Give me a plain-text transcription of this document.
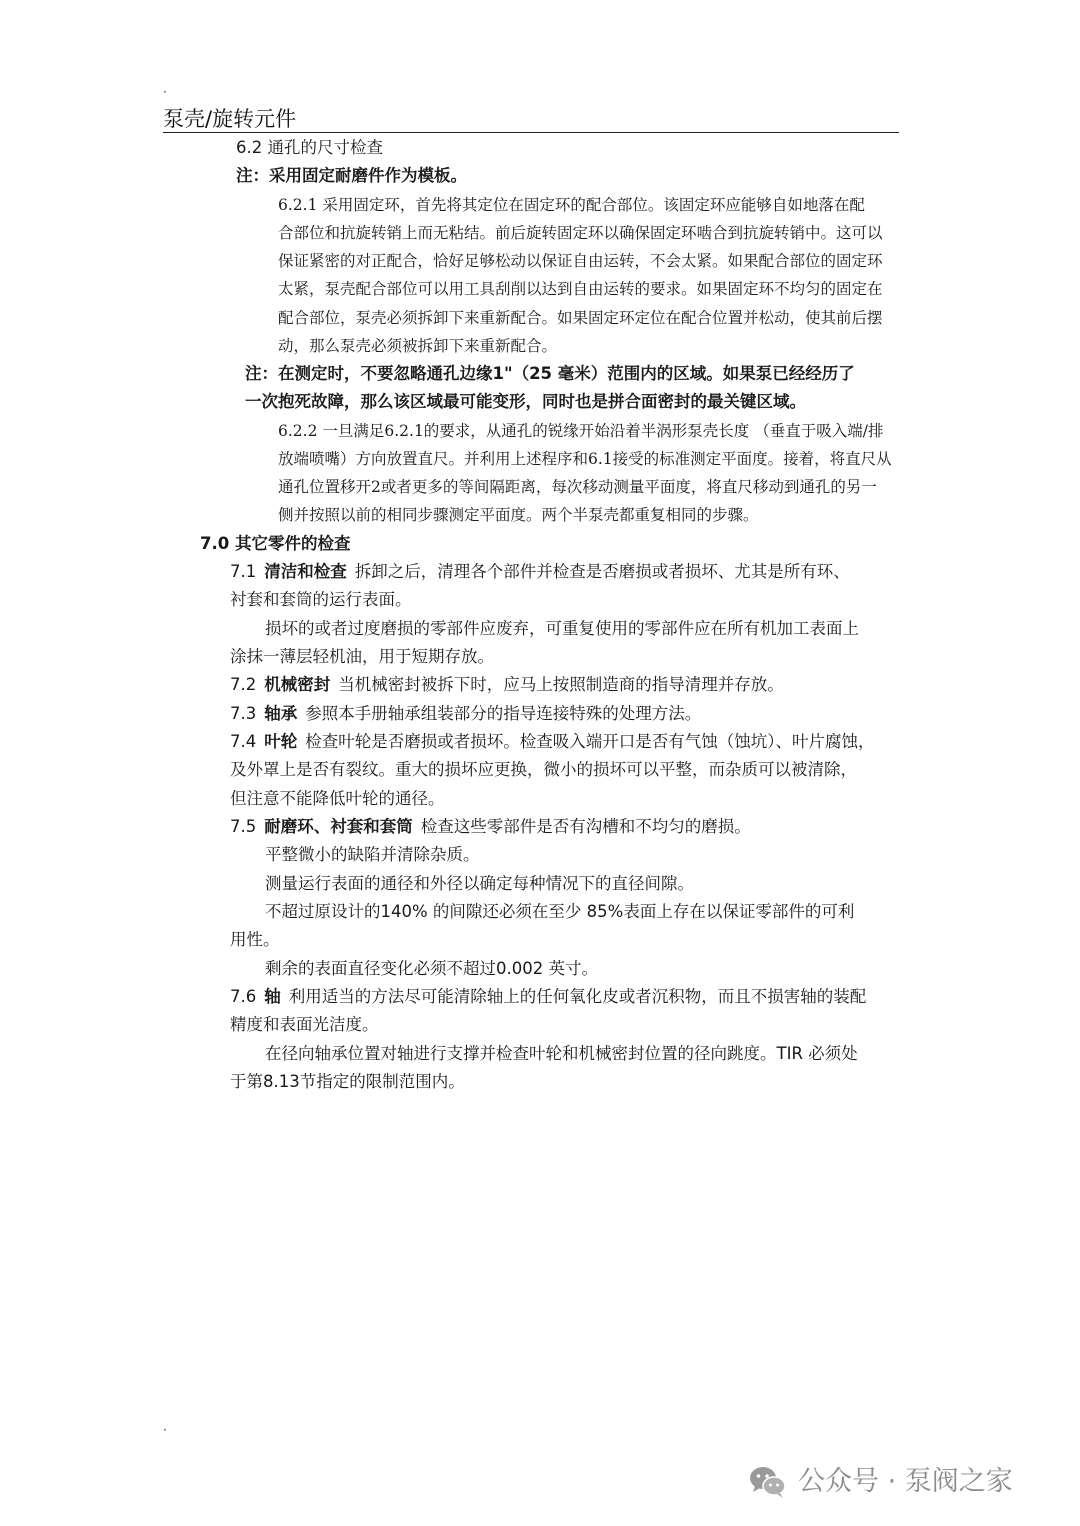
·
泵壳/旋转元件
6.2 通孔的尺寸检查
注：采用固定耐磨件作为模板。
6.2.1 采用固定环，首先将其定位在固定环的配合部位。该固定环应能够自如地落在配
合部位和抗旋转销上而无粘结。前后旋转固定环以确保固定环啮合到抗旋转销中。这可以
保证紧密的对正配合，恰好足够松动以保证自由运转，不会太紧。如果配合部位的固定环
太紧，泵壳配合部位可以用工具刮削以达到自由运转的要求。如果固定环不均匀的固定在
配合部位，泵壳必须拆卸下来重新配合。如果固定环定位在配合位置并松动，使其前后摆
动，那么泵壳必须被拆卸下来重新配合。
注：在测定时，不要忽略通孔边缘1"（25 毫米）范围内的区域。如果泵已经经历了
一次抱死故障，那么该区域最可能变形，同时也是拼合面密封的最关键区域。
6.2.2 一旦满足6.2.1的要求，从通孔的锐缘开始沿着半涡形泵壳长度 （垂直于吸入端/排
放端喷嘴）方向放置直尺。并利用上述程序和6.1接受的标准测定平面度。接着，将直尺从
通孔位置移开2或者更多的等间隔距离，每次移动测量平面度，将直尺移动到通孔的另一
侧并按照以前的相同步骤测定平面度。两个半泵壳都重复相同的步骤。
7.0 其它零件的检查
7.1 清洁和检查 拆卸之后，清理各个部件并检查是否磨损或者损坏、尤其是所有环、
衬套和套筒的运行表面。
损坏的或者过度磨损的零部件应废弃，可重复使用的零部件应在所有机加工表面上
涂抹一薄层轻机油，用于短期存放。
7.2 机械密封 当机械密封被拆下时，应马上按照制造商的指导清理并存放。
7.3 轴承 参照本手册轴承组装部分的指导连接特殊的处理方法。
7.4 叶轮 检查叶轮是否磨损或者损坏。检查吸入端开口是否有气蚀（蚀坑）、叶片腐蚀，
及外罩上是否有裂纹。重大的损坏应更换，微小的损坏可以平整，而杂质可以被清除，
但注意不能降低叶轮的通径。
7.5 耐磨环、衬套和套筒 检查这些零部件是否有沟槽和不均匀的磨损。
平整微小的缺陷并清除杂质。
测量运行表面的通径和外径以确定每种情况下的直径间隙。
不超过原设计的140% 的间隙还必须在至少 85%表面上存在以保证零部件的可利
用性。
剩余的表面直径变化必须不超过0.002 英寸。
7.6 轴 利用适当的方法尽可能清除轴上的任何氧化皮或者沉积物，而且不损害轴的装配
精度和表面光洁度。
在径向轴承位置对轴进行支撑并检查叶轮和机械密封位置的径向跳度。TIR 必须处
于第8.13节指定的限制范围内。
·
公众号 · 泵阀之家
